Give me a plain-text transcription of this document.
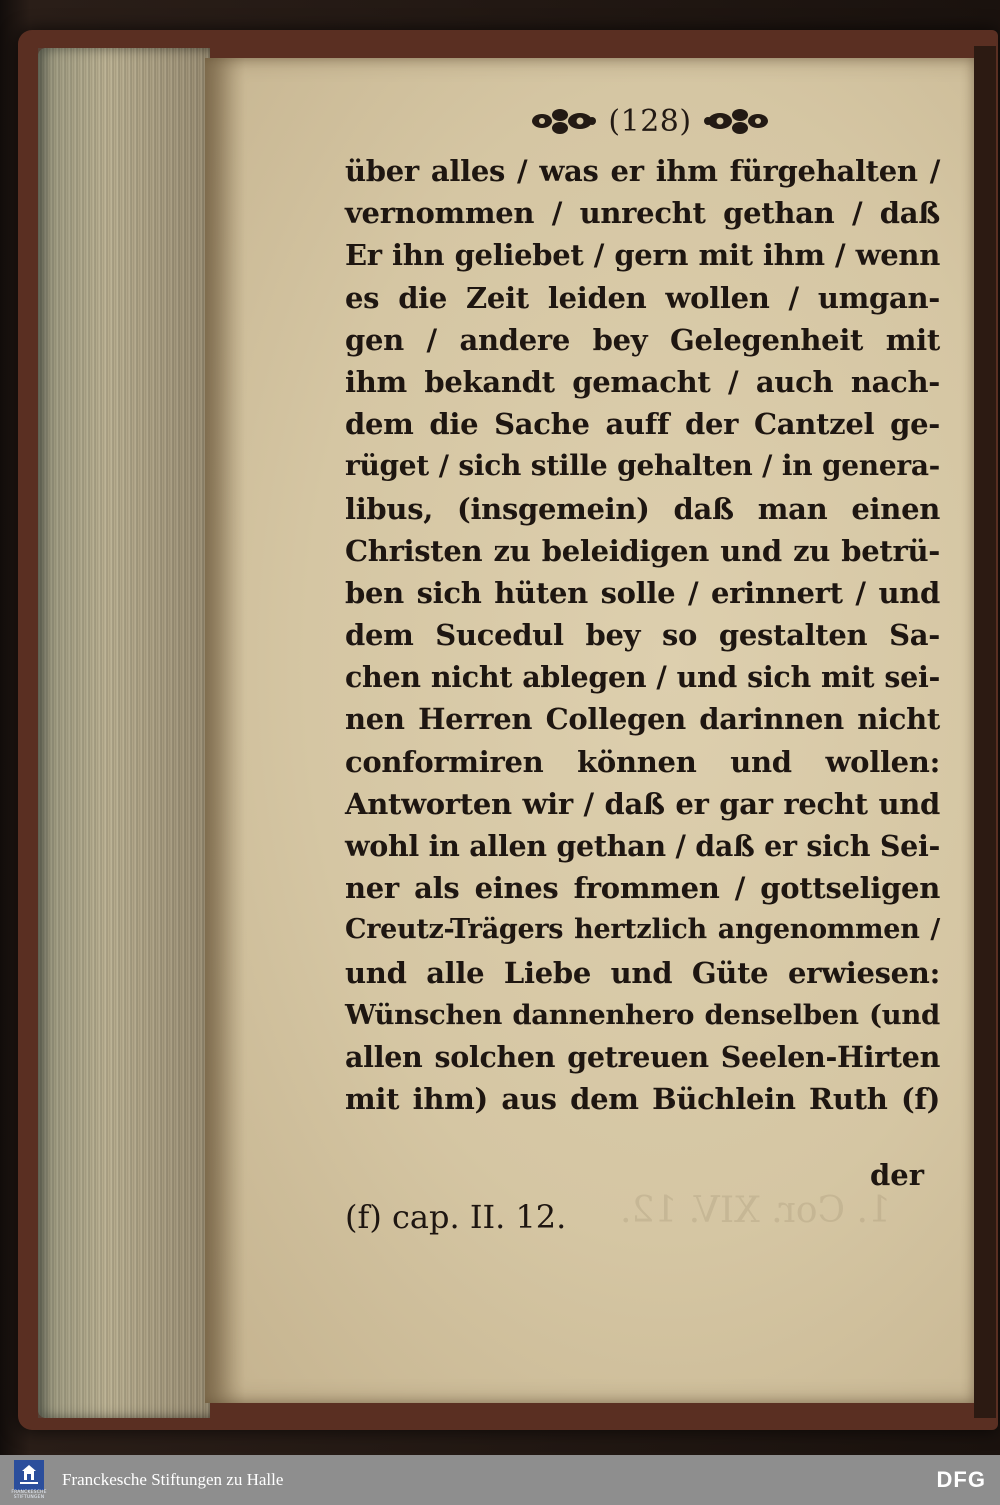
(128)
über alles / was er ihm fürgehalten /
vernommen / unrecht gethan / daß
Er ihn geliebet / gern mit ihm / wenn
es die Zeit leiden wollen / umgan-
gen / andere bey Gelegenheit mit
ihm bekandt gemacht / auch nach-
dem die Sache auff der Cantzel ge-
rüget / sich stille gehalten / in genera-
libus, (insgemein) daß man einen
Christen zu beleidigen und zu betrü-
ben sich hüten solle / erinnert / und
dem Sucedul bey so gestalten Sa-
chen nicht ablegen / und sich mit sei-
nen Herren Collegen darinnen nicht
conformiren können und wollen:
Antworten wir / daß er gar recht und
wohl in allen gethan / daß er sich Sei-
ner als eines frommen / gottseligen
Creutz-Trägers hertzlich angenommen /
und alle Liebe und Güte erwiesen:
Wünschen dannenhero denselben (und
allen solchen getreuen Seelen-Hirten
mit ihm) aus dem Büchlein Ruth (f)
der
(f) cap. II. 12. 1. Cor. XIV. 12.
FRANCKESCHE STIFTUNGEN
Franckesche Stiftungen zu Halle	DFG
